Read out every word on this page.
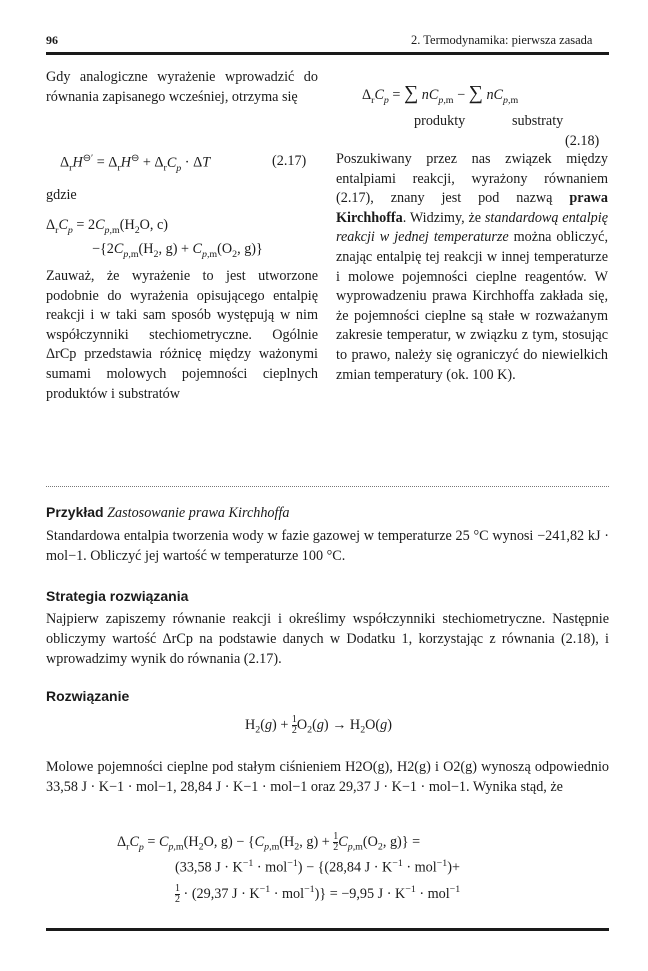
96	2. Termodynamika: pierwsza zasada

Gdy analogiczne wyrażenie wprowadzić do równania zapisanego wcześniej, otrzyma się

$\Delta_rH^{⊖'} = \Delta_rH^⊖ + \Delta_rC_p \cdot \Delta T$	(2.17)
gdzie
$\Delta_rC_p = 2C_{p,m}(H_2O$, c)
$-\{2C_{p,m}(H_2$, $g) + C_{p,m}(O_2$, g)}

Zauważ, że wyrażenie to jest utworzone podobnie do wyrażenia opisującego entalpię reakcji i w taki sam sposób występują w nim współczynniki stechiometryczne. Ogólnie ΔrCp przedstawia różnicę między ważonymi sumami molowych pojemności cieplnych produktów i substratów

$\Delta_rC_p$ = ∑ $nC_{p,m}$ − ∑ $nC_{p,m}$
produkty	substraty
(2.18)

Poszukiwany przez nas związek między entalpiami reakcji, wyrażony równaniem (2.17), znany jest pod nazwą prawa Kirchhoffa. Widzimy, że standardową entalpię reakcji w jednej temperaturze można obliczyć, znając entalpię tej reakcji w innej temperaturze i molowe pojemności cieplne reagentów. W wyprowadzeniu prawa Kirchhoffa zakłada się, że pojemności cieplne są stałe w rozważanym zakresie temperatur, w związku z tym, stosując to prawo, należy się ograniczyć do niewielkich zmian temperatury (ok. 100 K).

Przykład Zastosowanie prawa Kirchhoffa
Standardowa entalpia tworzenia wody w fazie gazowej w temperaturze 25 °C wynosi −241,82 kJ · mol−1. Obliczyć jej wartość w temperaturze 100 °C.
Strategia rozwiązania
Najpierw zapiszemy równanie reakcji i określimy współczynniki stechiometryczne. Następnie obliczymy wartość ΔrCp na podstawie danych w Dodatku 1, korzystając z równania (2.18), i wprowadzimy wynik do równania (2.17).
Rozwiązanie
$H_2(g) + \frac{1}{2} O_2(g) \to H_2O(g)$
Molowe pojemności cieplne pod stałym ciśnieniem H2O(g), H2(g) i O2(g) wynoszą odpowiednio 33,58 J · K−1 · mol−1, 28,84 J · K−1 · mol−1 oraz 29,37 J · K−1 · mol−1. Wynika stąd, że
$\Delta_rC_p = C_{p,m}(H_2O$, $g) - \{C_{p,m}(H_2$, $g) + \frac{1}{2} C_{p,m}(O_2$, g)} =
(33,58 $J \cdot K^{-1} \cdot mol^{-1}) - \{(28,84$ $J \cdot K^{-1} \cdot mol^{-1})+$
$\frac{1}{2} \cdot (29,37$ $J \cdot K^{-1} \cdot mol^{-1})\} = -9,95$ $J \cdot K^{-1} \cdot mol^{-1}$
